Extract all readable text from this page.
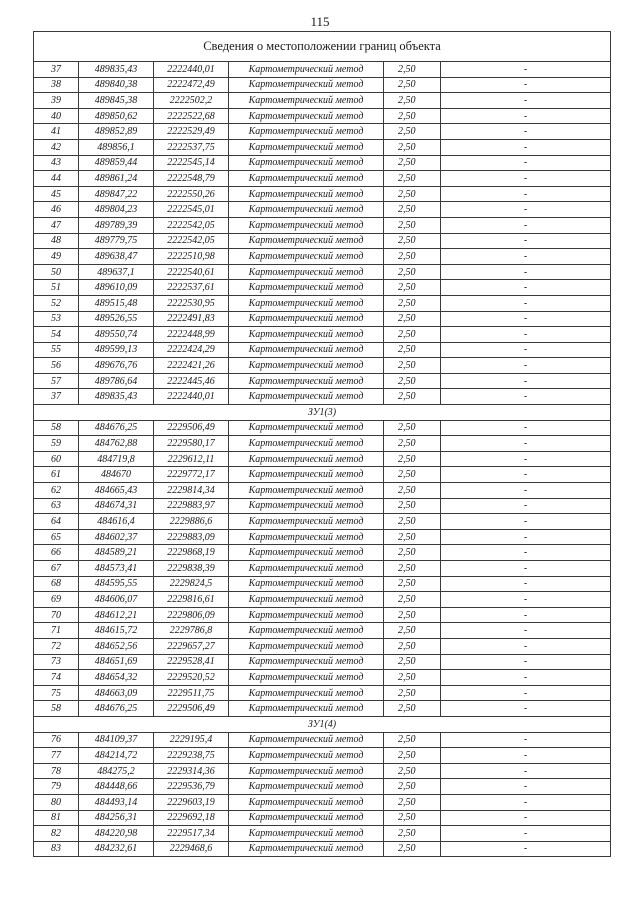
115
Сведения о местоположении границ объекта					
37	489835,43	2222440,01	Картометрический метод	2,50	-
38	489840,38	2222472,49	Картометрический метод	2,50	-
39	489845,38	2222502,2	Картометрический метод	2,50	-
40	489850,62	2222522,68	Картометрический метод	2,50	-
41	489852,89	2222529,49	Картометрический метод	2,50	-
42	489856,1	2222537,75	Картометрический метод	2,50	-
43	489859,44	2222545,14	Картометрический метод	2,50	-
44	489861,24	2222548,79	Картометрический метод	2,50	-
45	489847,22	2222550,26	Картометрический метод	2,50	-
46	489804,23	2222545,01	Картометрический метод	2,50	-
47	489789,39	2222542,05	Картометрический метод	2,50	-
48	489779,75	2222542,05	Картометрический метод	2,50	-
49	489638,47	2222510,98	Картометрический метод	2,50	-
50	489637,1	2222540,61	Картометрический метод	2,50	-
51	489610,09	2222537,61	Картометрический метод	2,50	-
52	489515,48	2222530,95	Картометрический метод	2,50	-
53	489526,55	2222491,83	Картометрический метод	2,50	-
54	489550,74	2222448,99	Картометрический метод	2,50	-
55	489599,13	2222424,29	Картометрический метод	2,50	-
56	489676,76	2222421,26	Картометрический метод	2,50	-
57	489786,64	2222445,46	Картометрический метод	2,50	-
37	489835,43	2222440,01	Картометрический метод	2,50	-
ЗУ1(3)					
58	484676,25	2229506,49	Картометрический метод	2,50	-
59	484762,88	2229580,17	Картометрический метод	2,50	-
60	484719,8	2229612,11	Картометрический метод	2,50	-
61	484670	2229772,17	Картометрический метод	2,50	-
62	484665,43	2229814,34	Картометрический метод	2,50	-
63	484674,31	2229883,97	Картометрический метод	2,50	-
64	484616,4	2229886,6	Картометрический метод	2,50	-
65	484602,37	2229883,09	Картометрический метод	2,50	-
66	484589,21	2229868,19	Картометрический метод	2,50	-
67	484573,41	2229838,39	Картометрический метод	2,50	-
68	484595,55	2229824,5	Картометрический метод	2,50	-
69	484606,07	2229816,61	Картометрический метод	2,50	-
70	484612,21	2229806,09	Картометрический метод	2,50	-
71	484615,72	2229786,8	Картометрический метод	2,50	-
72	484652,56	2229657,27	Картометрический метод	2,50	-
73	484651,69	2229528,41	Картометрический метод	2,50	-
74	484654,32	2229520,52	Картометрический метод	2,50	-
75	484663,09	2229511,75	Картометрический метод	2,50	-
58	484676,25	2229506,49	Картометрический метод	2,50	-
ЗУ1(4)					
76	484109,37	2229195,4	Картометрический метод	2,50	-
77	484214,72	2229238,75	Картометрический метод	2,50	-
78	484275,2	2229314,36	Картометрический метод	2,50	-
79	484448,66	2229536,79	Картометрический метод	2,50	-
80	484493,14	2229603,19	Картометрический метод	2,50	-
81	484256,31	2229692,18	Картометрический метод	2,50	-
82	484220,98	2229517,34	Картометрический метод	2,50	-
83	484232,61	2229468,6	Картометрический метод	2,50	-
